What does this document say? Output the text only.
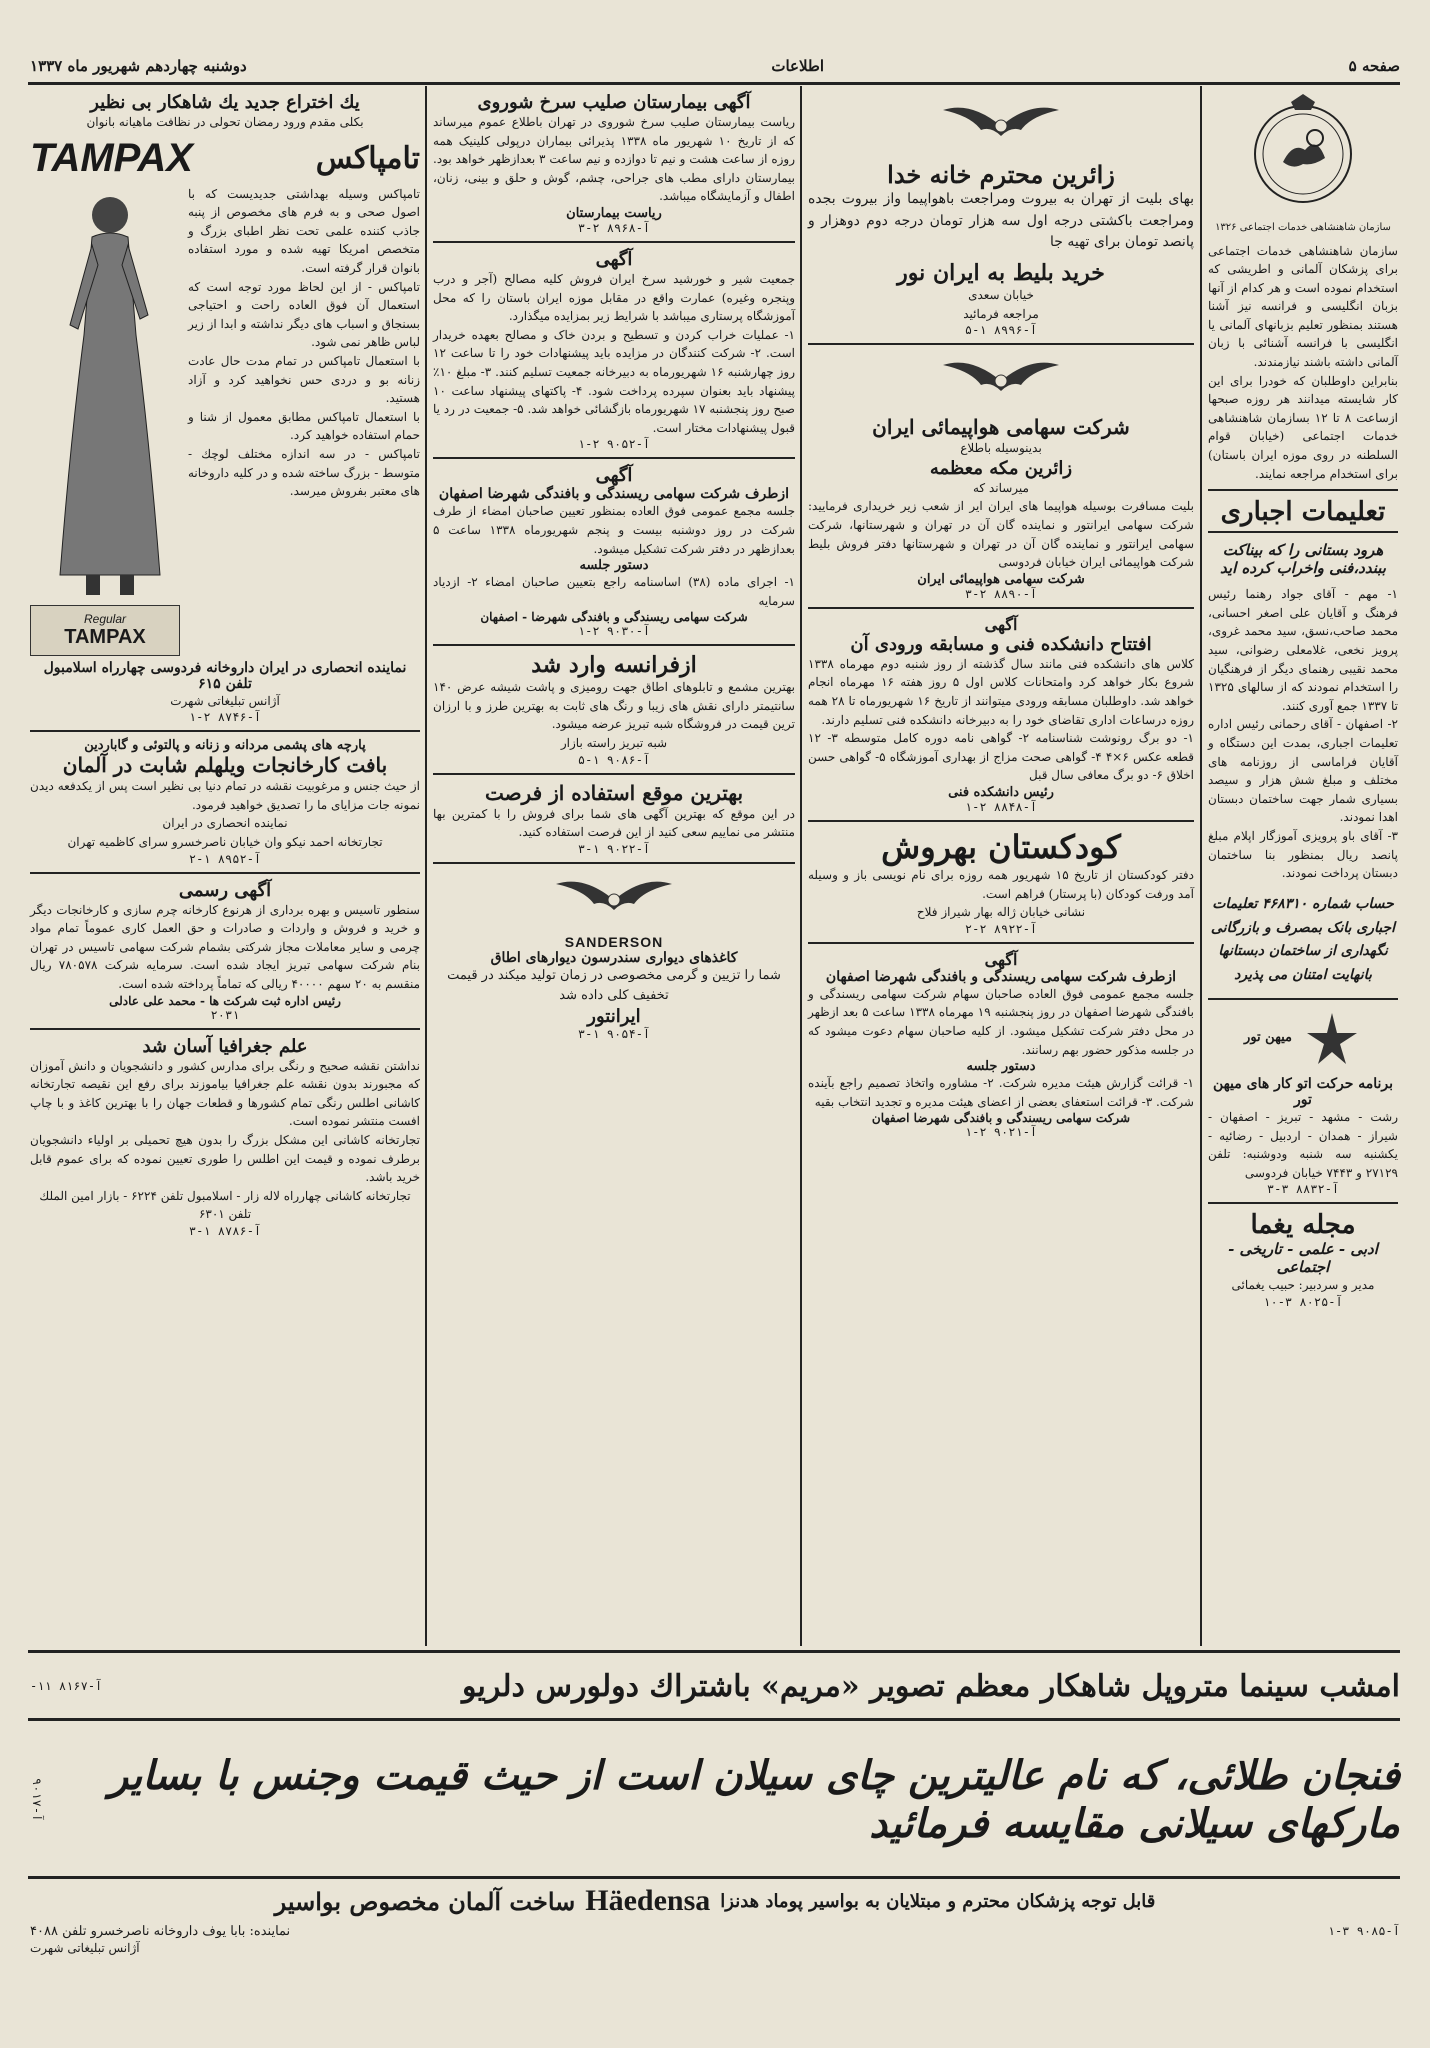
صفحه ۵
اطلاعات
دوشنبه چهاردهم شهریور ماه ۱۳۳۷
سازمان شاهنشاهی خدمات اجتماعی ۱۳۲۶
سازمان شاهنشاهی خدمات اجتماعی برای پزشکان آلمانی و اطریشی که استخدام نموده است و هر کدام از آنها بزبان انگلیسی و فرانسه نیز آشنا هستند بمنظور تعلیم بزبانهای آلمانی یا انگلیسی با فرانسه آشنائی با زبان آلمانی داشته باشند نیازمندند.
بنابراین داوطلبان که خودرا برای این کار شایسته میدانند هر روزه صبحها ازساعت ۸ تا ۱۲ بسازمان شاهنشاهی خدمات اجتماعی (خیابان قوام السلطنه در روی موزه ایران باستان) برای استخدام مراجعه نمایند.
تعلیمات اجباری
هرود بستانی را که بیناکت ببندد،فنی واخراب کرده اید
۱- مهم - آقای جواد رهنما رئیس فرهنگ و آقایان علی اصغر احسانی، محمد صاحب،نسق، سید محمد غروی، پرویز نخعی، غلامعلی رضوانی، سید محمد نقیبی رهنمای دیگر از فرهنگیان را استخدام نمودند که از سالهای ۱۳۲۵ تا ۱۳۳۷ جمع آوری کنند.
۲- اصفهان - آقای رحمانی رئیس اداره تعلیمات اجباری، بمدت این دستگاه و آقایان فراماسی از روزنامه های مختلف و مبلغ شش هزار و سیصد بسیاری شمار جهت ساختمان دبستان اهدا نمودند.
۳- آقای باو پرویزی آموزگار اپلام مبلغ پانصد ریال بمنظور بنا ساختمان دبستان پرداخت نمودند.
حساب شماره ۴۶۸۳۱۰ تعلیمات اجباری بانک بمصرف و بازرگانی نگهداری از ساختمان دبستانها بانهایت امتنان می پذیرد
میهن تور
برنامه حرکت اتو کار های میهن تور
رشت - مشهد - تبریز - اصفهان - شیراز - همدان - اردبیل - رضائیه - یکشنبه سه شنبه ودوشنبه: تلفن ۲۷۱۲۹ و ۷۴۴۳ خیابان فردوسی
آ-۸۸۳۲ ۳-۳
مجله یغما
ادبی - علمی - تاریخی - اجتماعی
مدیر و سردبیر: حبیب یغمائی
آ-۸۰۲۵ ۳-۱۰
زائرین محترم خانه خدا
بهای بلیت از تهران به بیروت ومراجعت باهواپیما واز بیروت بجده ومراجعت باکشتی درجه اول سه هزار تومان درجه دوم دوهزار و پانصد تومان برای تهیه جا
خرید بلیط به ایران نور
خیابان سعدی
مراجعه فرمائید
آ-۸۹۹۶ ۱-۵
شرکت سهامی هواپیمائی ایران
بدینوسیله باطلاع
زائرین مکه معظمه
میرساند که
بلیت مسافرت بوسیله هواپیما های ایران ایر از شعب زیر خریداری فرمایید: شرکت سهامی ایرانتور و نماینده گان آن در تهران و شهرستانها، شرکت سهامی ایرانتور و نماینده گان آن در تهران و شهرستانها دفتر فروش بلیط شرکت هواپیمائی ایران خیابان فردوسی
شرکت سهامی هواپیمائی ایران
آ-۸۸۹۰ ۲-۳
آگهی
افتتاح دانشکده فنی و مسابقه ورودی آن
کلاس های دانشکده فنی مانند سال گذشته از روز شنبه دوم مهرماه ۱۳۳۸ شروع بکار خواهد کرد وامتحانات کلاس اول ۵ روز هفته ۱۶ مهرماه انجام خواهد شد. داوطلبان مسابقه ورودی میتوانند از تاریخ ۱۶ شهریورماه تا ۲۸ همه روزه درساعات اداری تقاضای خود را به دبیرخانه دانشکده فنی تسلیم دارند.
۱- دو برگ رونوشت شناسنامه ۲- گواهی نامه دوره کامل متوسطه ۳- ۱۲ قطعه عکس ۶×۴ ۴- گواهی صحت مزاج از بهداری آموزشگاه ۵- گواهی حسن اخلاق ۶- دو برگ معافی سال قبل
رئیس دانشکده فنی
آ-۸۸۴۸ ۲-۱
کودکستان بهروش
دفتر کودکستان از تاریخ ۱۵ شهریور همه روزه برای نام نویسی باز و وسیله آمد ورفت کودکان (با پرستار) فراهم است.
نشانی خیابان ژاله بهار شیراز فلاح
آ-۸۹۲۲ ۲-۲
آگهی
ازطرف شرکت سهامی ریسندگی و بافندگی شهرضا اصفهان
جلسه مجمع عمومی فوق العاده صاحبان سهام شرکت سهامی ریسندگی و بافندگی شهرضا اصفهان در روز پنجشنبه ۱۹ مهرماه ۱۳۳۸ ساعت ۵ بعد ازظهر در محل دفتر شرکت تشکیل میشود. از کلیه صاحبان سهام دعوت میشود که در جلسه مذکور حضور بهم رسانند.
دستور جلسه
۱- قرائت گزارش هیئت مدیره شرکت. ۲- مشاوره واتخاذ تصمیم راجع بآینده شرکت. ۳- قرائت استعفای بعضی از اعضای هیئت مدیره و تجدید انتخاب بقیه
شرکت سهامی ریسندگی و بافندگی شهرضا اصفهان
آ-۹۰۲۱ ۲-۱
آگهی بیمارستان صلیب سرخ شوروی
ریاست بیمارستان صلیب سرخ شوروی در تهران باطلاع عموم میرساند که از تاریخ ۱۰ شهریور ماه ۱۳۳۸ پذیرائی بیماران درپولی کلینیک همه روزه از ساعت هشت و نیم تا دوازده و نیم ساعت ۳ بعدازظهر خواهد بود. بیمارستان دارای مطب های جراحی، چشم، گوش و حلق و بینی، زنان، اطفال و آزمایشگاه میباشد.
ریاست بیمارستان
آ-۸۹۶۸ ۲-۳
آگهی
جمعیت شیر و خورشید سرخ ایران فروش کلیه مصالح (آجر و درب وپنجره وغیره) عمارت واقع در مقابل موزه ایران باستان را که محل آموزشگاه پرستاری میباشد با شرایط زیر بمزایده میگذارد.
۱- عملیات خراب کردن و تسطیح و بردن خاک و مصالح بعهده خریدار است. ۲- شرکت کنندگان در مزایده باید پیشنهادات خود را تا ساعت ۱۲ روز چهارشنبه ۱۶ شهریورماه به دبیرخانه جمعیت تسلیم کنند. ۳- مبلغ ۱۰٪ پیشنهاد باید بعنوان سپرده پرداخت شود. ۴- پاکتهای پیشنهاد ساعت ۱۰ صبح روز پنجشنبه ۱۷ شهریورماه بازگشائی خواهد شد. ۵- جمعیت در رد یا قبول پیشنهادات مختار است.
آ-۹۰۵۲ ۲-۱
آگهی
ازطرف شرکت سهامی ریسندگی و بافندگی شهرضا اصفهان
جلسه مجمع عمومی فوق العاده بمنظور تعیین صاحبان امضاء از طرف شرکت در روز دوشنبه بیست و پنجم شهریورماه ۱۳۳۸ ساعت ۵ بعدازظهر در دفتر شرکت تشکیل میشود.
دستور جلسه
۱- اجرای ماده (۳۸) اساسنامه راجع بتعیین صاحبان امضاء ۲- ازدیاد سرمایه
شرکت سهامی ریسندگی و بافندگی شهرضا - اصفهان
آ-۹۰۳۰ ۲-۱
ازفرانسه وارد شد
بهترین مشمع و تابلوهای اطاق جهت رومیزی و پاشت شیشه عرض ۱۴۰ سانتیمتر دارای نقش های زیبا و رنگ های ثابت به بهترین طرز و با ارزان ترین قیمت در فروشگاه شبه تبریز عرضه میشود.
شبه تبریز راسته بازار
آ-۹۰۸۶ ۱-۵
بهترین موقع استفاده از فرصت
در این موقع که بهترین آگهی های شما برای فروش را با کمترین بها منتشر می نماییم سعی کنید از این فرصت استفاده کنید.
آ-۹۰۲۲ ۱-۳
SANDERSON
کاغذهای دیواری سندرسون دیوارهای اطاق
شما را تزیین و گرمی مخصوصی در زمان تولید میکند در قیمت تخفیف کلی داده شد
ایرانتور
آ-۹۰۵۴ ۱-۳
یك اختراع جدید یك شاهکار بی نظیر
بکلی مقدم ورود رمضان تحولی در نظافت ماهیانه بانوان
تامپاکس
TAMPAX
تامپاکس وسیله بهداشتی جدیدیست که با اصول صحی و به فرم های مخصوص از پنبه جاذب کننده علمی تحت نظر اطبای بزرگ و متخصص امریکا تهیه شده و مورد استفاده بانوان قرار گرفته است.
تامپاکس - از این لحاظ مورد توجه است که استعمال آن فوق العاده راحت و احتیاجی بسنجاق و اسباب های دیگر نداشته و ابدا از زیر لباس ظاهر نمی شود.
با استعمال تامپاکس در تمام مدت حال عادت زنانه بو و دردی حس نخواهید کرد و آزاد هستید.
با استعمال تامپاکس مطابق معمول از شنا و حمام استفاده خواهید کرد.
تامپاکس - در سه اندازه مختلف لوچك - متوسط - بزرگ ساخته شده و در کلیه داروخانه های معتبر بفروش میرسد.
Regular
TAMPAX
نماینده انحصاری در ایران داروخانه فردوسی چهارراه اسلامبول تلفن ۶۱۵
آژانس تبلیغاتی شهرت
آ-۸۷۴۶ ۲-۱
پارچه های پشمی مردانه و زنانه و پالتوئی و گاباردین
بافت کارخانجات ویلهلم شابت در آلمان
از حیث جنس و مرغوبیت نقشه در تمام دنیا بی نظیر است پس از یکدفعه دیدن نمونه جات مزایای ما را تصدیق خواهید فرمود.
نماینده انحصاری در ایران
تجارتخانه احمد نیکو وان خیابان ناصرخسرو سرای کاظمیه تهران
آ-۸۹۵۲ ۱-۲
آگهی رسمی
سنطور تاسیس و بهره برداری از هرنوع کارخانه چرم سازی و کارخانجات دیگر و خرید و فروش و واردات و صادرات و حق العمل کاری عموماً تمام مواد چرمی و سایر معاملات مجاز شرکتی بشمام شرکت سهامی تاسیس در تهران بنام شرکت سهامی تبریز ایجاد شده است. سرمایه شرکت ۷۸۰۵۷۸ ریال منقسم به ۲۰ سهم ۴۰۰۰۰ ریالی که تماماً پرداخته شده است.
رئیس اداره ثبت شرکت ها - محمد علی عادلی
۲۰۳۱
علم جغرافیا آسان شد
نداشتن نقشه صحیح و رنگی برای مدارس کشور و دانشجویان و دانش آموزان که مجبورند بدون نقشه علم جغرافیا بیاموزند برای رفع این نقیصه تجارتخانه کاشانی اطلس رنگی تمام کشورها و قطعات جهان را با بهترین کاغذ و با چاپ افست منتشر نموده است.
تجارتخانه کاشانی این مشکل بزرگ را بدون هیچ تحمیلی بر اولیاء دانشجویان برطرف نموده و قیمت این اطلس را طوری تعیین نموده که برای عموم قابل خرید باشد.
تجارتخانه کاشانی چهارراه لاله زار - اسلامبول تلفن ۶۲۲۴ - بازار امین الملك تلفن ۶۳۰۱
آ-۸۷۸۶ ۱-۳
امشب سینما متروپل شاهکار معظم تصویر «مریم» باشتراك دولورس دلریو
آ-۸۱۶۷ ۱۱-
فنجان طلائی، که نام عالیترین چای سیلان است از حیث قیمت وجنس با بساير مارکهای سیلانی مقایسه فرمائید
آ-۹۰۱۷
قابل توجه پزشکان محترم و مبتلایان به بواسیر پوماد هدنزا
Häedensa
ساخت آلمان مخصوص بواسیر
آ-۹۰۸۵ ۳-۱
نماینده: بابا یوف داروخانه ناصرخسرو تلفن ۴۰۸۸
آژانس تبلیغاتی شهرت
